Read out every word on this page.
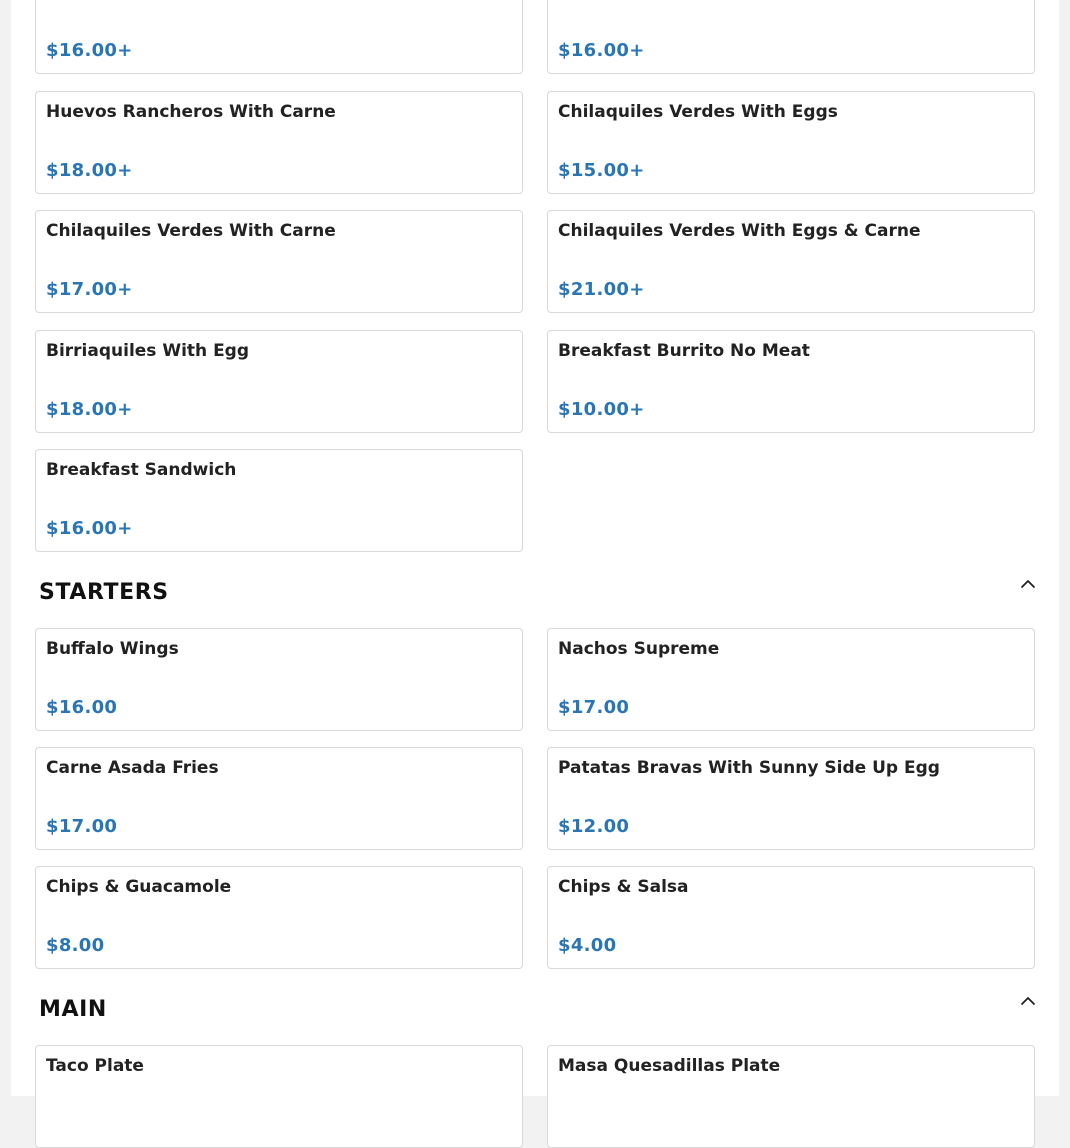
$16.00+	$16.00+
Huevos Rancheros With Carne
$18.00+
Chilaquiles Verdes With Eggs
$15.00+
Chilaquiles Verdes With Carne
$17.00+
Chilaquiles Verdes With Eggs & Carne
$21.00+
Birriaquiles With Egg
$18.00+
Breakfast Burrito No Meat
$10.00+
Breakfast Sandwich
$16.00+
STARTERS
Buffalo Wings
$16.00
Nachos Supreme
$17.00
Carne Asada Fries
$17.00
Patatas Bravas With Sunny Side Up Egg
$12.00
Chips & Guacamole
$8.00
Chips & Salsa
$4.00
MAIN
Taco Plate	Masa Quesadillas Plate
